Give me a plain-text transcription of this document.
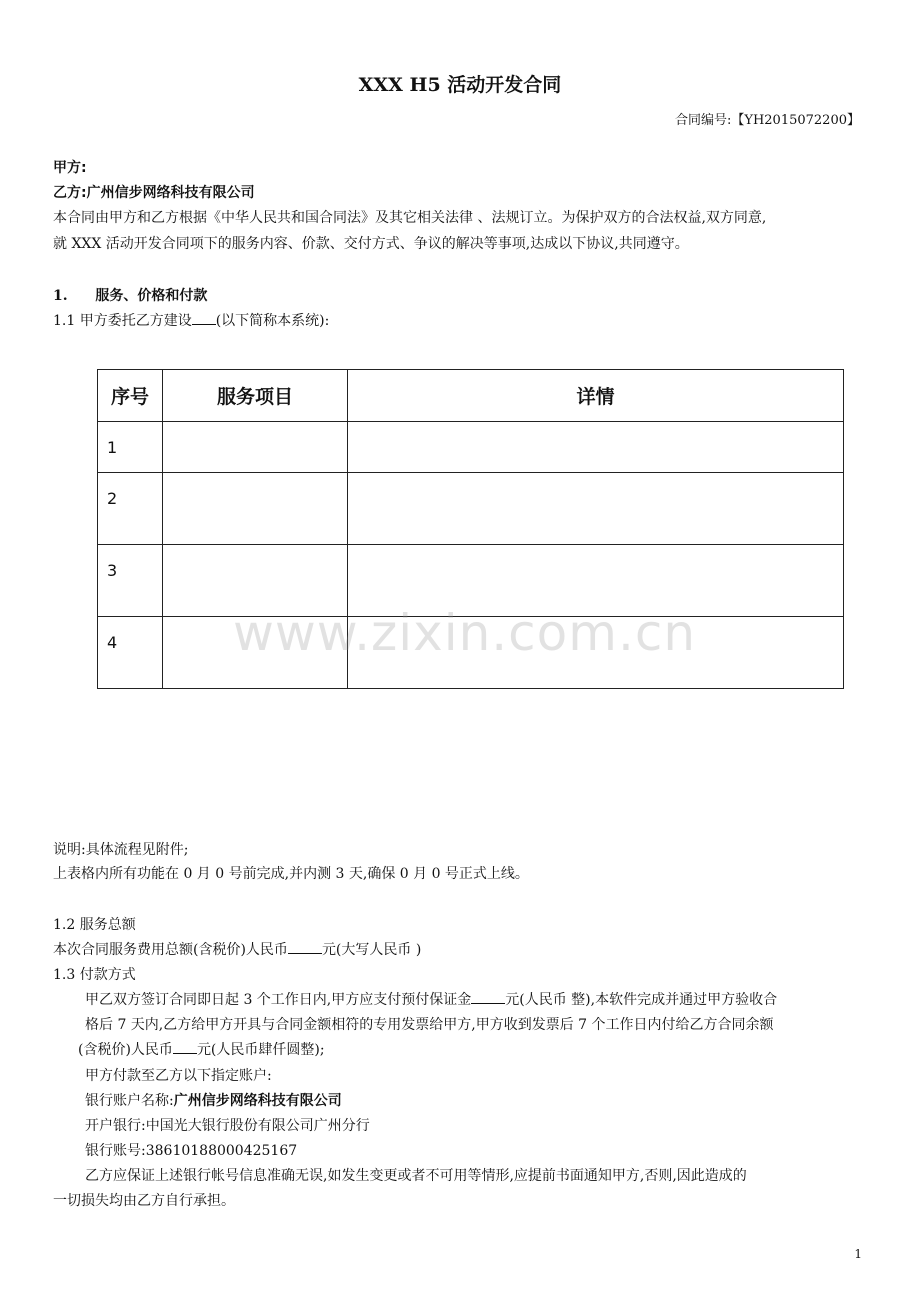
XXX H5 活动开发合同
合同编号:【YH2015072200】
甲方:
乙方:广州信步网络科技有限公司
本合同由甲方和乙方根据《中华人民共和国合同法》及其它相关法律 、法规订立。为保护双方的合法权益,双方同意,
就 XXX 活动开发合同项下的服务内容、价款、交付方式、争议的解决等事项,达成以下协议,共同遵守。
1. 服务、价格和付款
1.1 甲方委托乙方建设 (以下简称本系统):
序号	服务项目	详情
1		
2		
3		
4		www.zixin.com.cn
说明:具体流程见附件;
上表格内所有功能在 0 月 0 号前完成,并内测 3 天,确保 0 月 0 号正式上线。
1.2 服务总额
本次合同服务费用总额(含税价)人民币 元(大写人民币 )
1.3 付款方式
甲乙双方签订合同即日起 3 个工作日内,甲方应支付预付保证金 元(人民币 整),本软件完成并通过甲方验收合
格后 7 天内,乙方给甲方开具与合同金额相符的专用发票给甲方,甲方收到发票后 7 个工作日内付给乙方合同余额
(含税价)人民币 元(人民币肆仟圆整);
甲方付款至乙方以下指定账户:
银行账户名称:广州信步网络科技有限公司
开户银行:中国光大银行股份有限公司广州分行
银行账号:38610188000425167
乙方应保证上述银行帐号信息准确无误,如发生变更或者不可用等情形,应提前书面通知甲方,否则,因此造成的
一切损失均由乙方自行承担。
1
